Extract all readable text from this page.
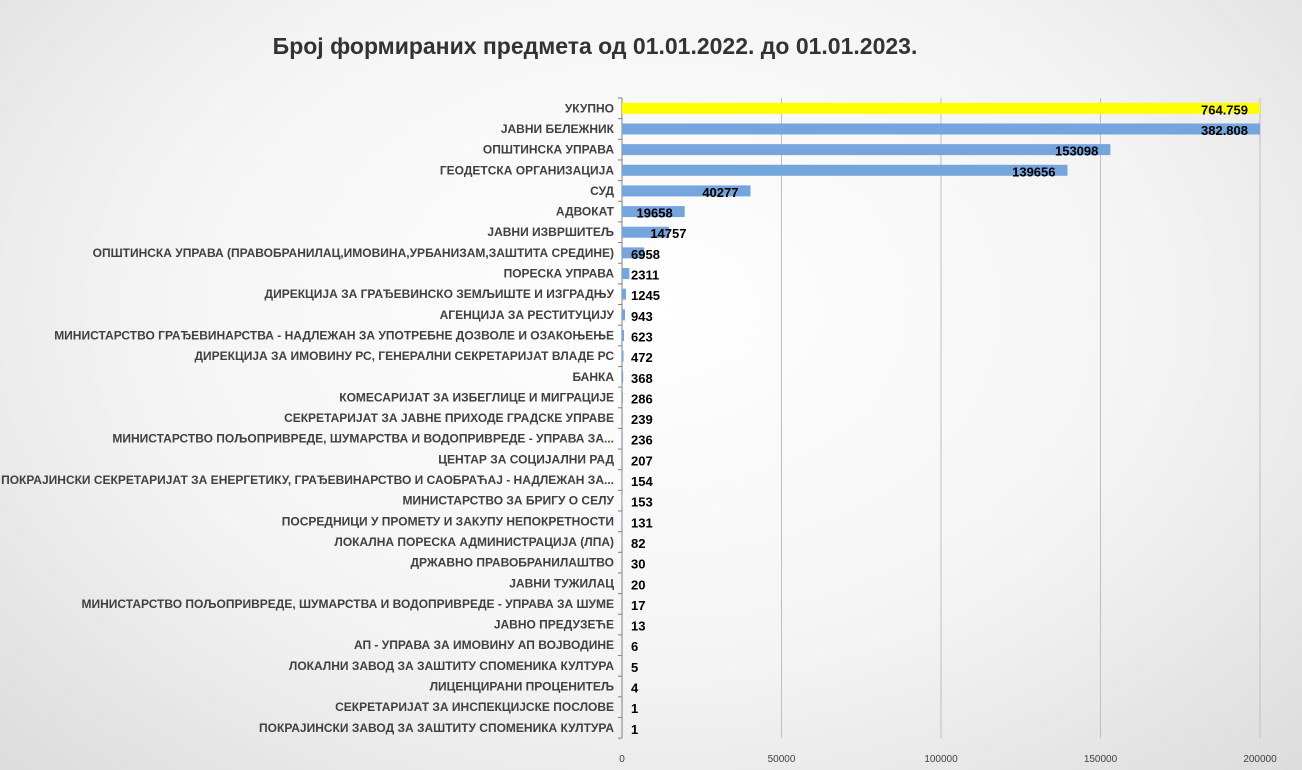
Број формираних предмета од 01.01.2022. до 01.01.2023.
0	50000	100000	150000	200000
УКУПНО	764.759
ЈАВНИ БЕЛЕЖНИК	382.808
ОПШТИНСКА УПРАВА	153098
ГЕОДЕТСКА ОРГАНИЗАЦИЈА	139656
СУД	40277
АДВОКАТ 19658
ЈАВНИ ИЗВРШИТЕЉ	14757
ОПШТИНСКА УПРАВА (ПРАВОБРАНИЛАЦ,ИМОВИНА,УРБАНИЗАМ,ЗАШТИТА СРЕДИНЕ) 6958
ПОРЕСКА УПРАВА 2311
ДИРЕКЦИЈА ЗА ГРАЂЕВИНСКО ЗЕМЉИШТЕ И ИЗГРАДЊУ 1245
АГЕНЦИЈА ЗА РЕСТИТУЦИЈУ 943
МИНИСТАРСТВО ГРАЂЕВИНАРСТВА - НАДЛЕЖАН ЗА УПОТРЕБНЕ ДОЗВОЛЕ И ОЗАКОЊЕЊЕ 623
ДИРЕКЦИЈА ЗА ИМОВИНУ РС, ГЕНЕРАЛНИ СЕКРЕТАРИЈАТ ВЛАДЕ РС 472
БАНКА 368
КОМЕСАРИЈАТ ЗА ИЗБЕГЛИЦЕ И МИГРАЦИЈЕ 286
СЕКРЕТАРИЈАТ ЗА ЈАВНЕ ПРИХОДЕ ГРАДСКЕ УПРАВЕ 239
МИНИСТАРСТВО ПОЉОПРИВРЕДЕ, ШУМАРСТВА И ВОДОПРИВРЕДЕ - УПРАВА ЗА... 236
ЦЕНТАР ЗА СОЦИЈАЛНИ РАД 207
ПОКРАЈИНСКИ СЕКРЕТАРИЈАТ ЗА ЕНЕРГЕТИКУ, ГРАЂЕВИНАРСТВО И САОБРАЋАЈ - НАДЛЕЖАН ЗА... 154
МИНИСТАРСТВО ЗА БРИГУ О СЕЛУ 153
ПОСРЕДНИЦИ У ПРОМЕТУ И ЗАКУПУ НЕПОКРЕТНОСТИ 131
ЛОКАЛНА ПОРЕСКА АДМИНИСТРАЦИЈА (ЛПА) 82
ДРЖАВНО ПРАВОБРАНИЛАШТВО 30
ЈАВНИ ТУЖИЛАЦ 20
МИНИСТАРСТВО ПОЉОПРИВРЕДЕ, ШУМАРСТВА И ВОДОПРИВРЕДЕ - УПРАВА ЗА ШУМЕ 17
ЈАВНО ПРЕДУЗЕЋЕ 13
АП - УПРАВА ЗА ИМОВИНУ АП ВОЈВОДИНЕ 6
ЛОКАЛНИ ЗАВОД ЗА ЗАШТИТУ СПОМЕНИКА КУЛТУРА 5
ЛИЦЕНЦИРАНИ ПРОЦЕНИТЕЉ 4
СЕКРЕТАРИЈАТ ЗА ИНСПЕКЦИЈСКЕ ПОСЛОВЕ 1
ПОКРАЈИНСКИ ЗАВОД ЗА ЗАШТИТУ СПОМЕНИКА КУЛТУРА 1
